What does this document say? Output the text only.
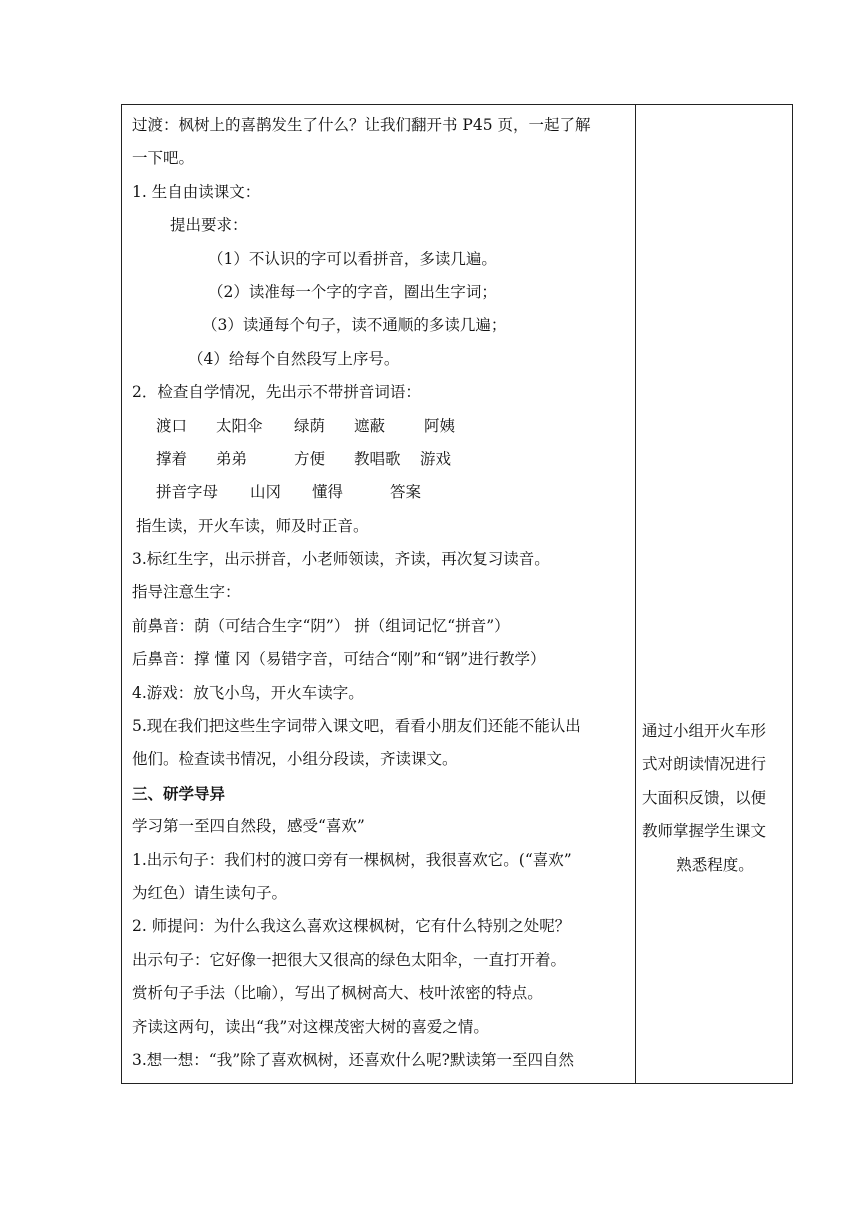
过渡：枫树上的喜鹊发生了什么？让我们翻开书 P45 页，一起了解
一下吧。
1. 生自由读课文：
提出要求：
（1）不认识的字可以看拼音，多读几遍。
（2）读准每一个字的字音，圈出生字词；
（3）读通每个句子，读不通顺的多读几遍；
（4）给每个自然段写上序号。
2．检查自学情况，先出示不带拼音词语：
渡口 太阳伞 绿荫 遮蔽	阿姨
撑着 弟弟	方便 教唱歌 游戏
拼音字母 山冈 懂得	答案
指生读，开火车读，师及时正音。
3.标红生字，出示拼音，小老师领读，齐读，再次复习读音。
指导注意生字：
前鼻音：荫（可结合生字“阴”） 拼（组词记忆“拼音”）
后鼻音：撑 懂 冈（易错字音，可结合“刚”和“钢”进行教学）
4.游戏：放飞小鸟，开火车读字。
5.现在我们把这些生字词带入课文吧，看看小朋友们还能不能认出
他们。检查读书情况，小组分段读，齐读课文。
三、研学导异
学习第一至四自然段，感受“喜欢”
1.出示句子：我们村的渡口旁有一棵枫树，我很喜欢它。(“喜欢”
为红色）请生读句子。
2. 师提问：为什么我这么喜欢这棵枫树，它有什么特别之处呢？
出示句子：它好像一把很大又很高的绿色太阳伞，一直打开着。
赏析句子手法（比喻），写出了枫树高大、枝叶浓密的特点。
齐读这两句，读出“我”对这棵茂密大树的喜爱之情。
3.想一想：“我”除了喜欢枫树，还喜欢什么呢?默读第一至四自然
通过小组开火车形
式对朗读情况进行
大面积反馈，以便
教师掌握学生课文
熟悉程度。
